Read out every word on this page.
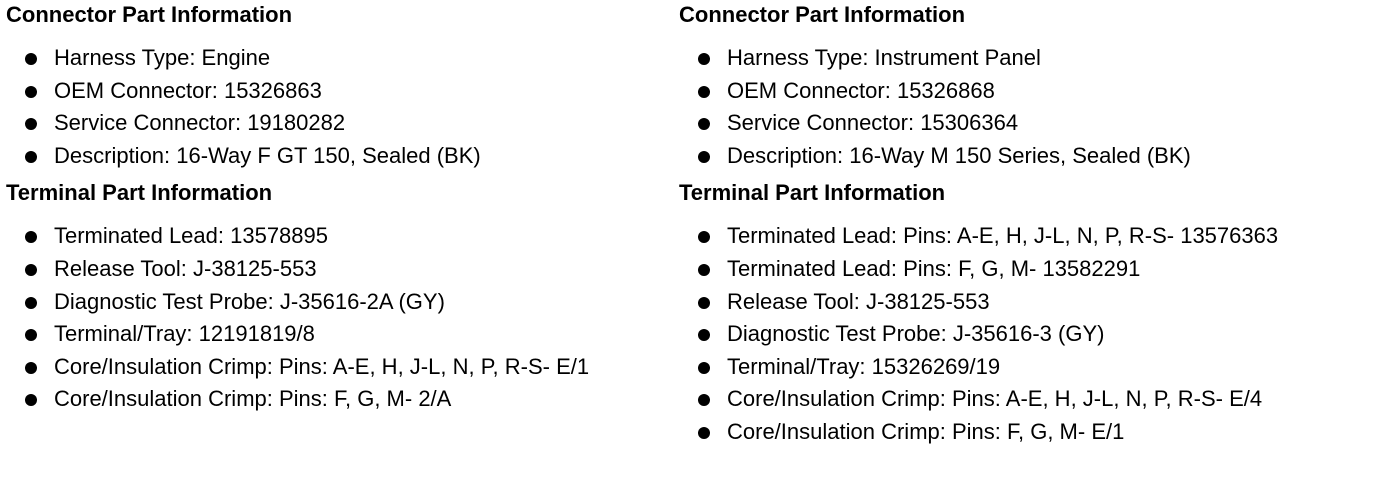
Connector Part Information
Harness Type: Engine
OEM Connector: 15326863
Service Connector: 19180282
Description: 16-Way F GT 150, Sealed (BK)
Terminal Part Information
Terminated Lead: 13578895
Release Tool: J-38125-553
Diagnostic Test Probe: J-35616-2A (GY)
Terminal/Tray: 12191819/8
Core/Insulation Crimp: Pins: A-E, H, J-L, N, P, R-S- E/1
Core/Insulation Crimp: Pins: F, G, M- 2/A
Connector Part Information
Harness Type: Instrument Panel
OEM Connector: 15326868
Service Connector: 15306364
Description: 16-Way M 150 Series, Sealed (BK)
Terminal Part Information
Terminated Lead: Pins: A-E, H, J-L, N, P, R-S- 13576363
Terminated Lead: Pins: F, G, M- 13582291
Release Tool: J-38125-553
Diagnostic Test Probe: J-35616-3 (GY)
Terminal/Tray: 15326269/19
Core/Insulation Crimp: Pins: A-E, H, J-L, N, P, R-S- E/4
Core/Insulation Crimp: Pins: F, G, M- E/1
